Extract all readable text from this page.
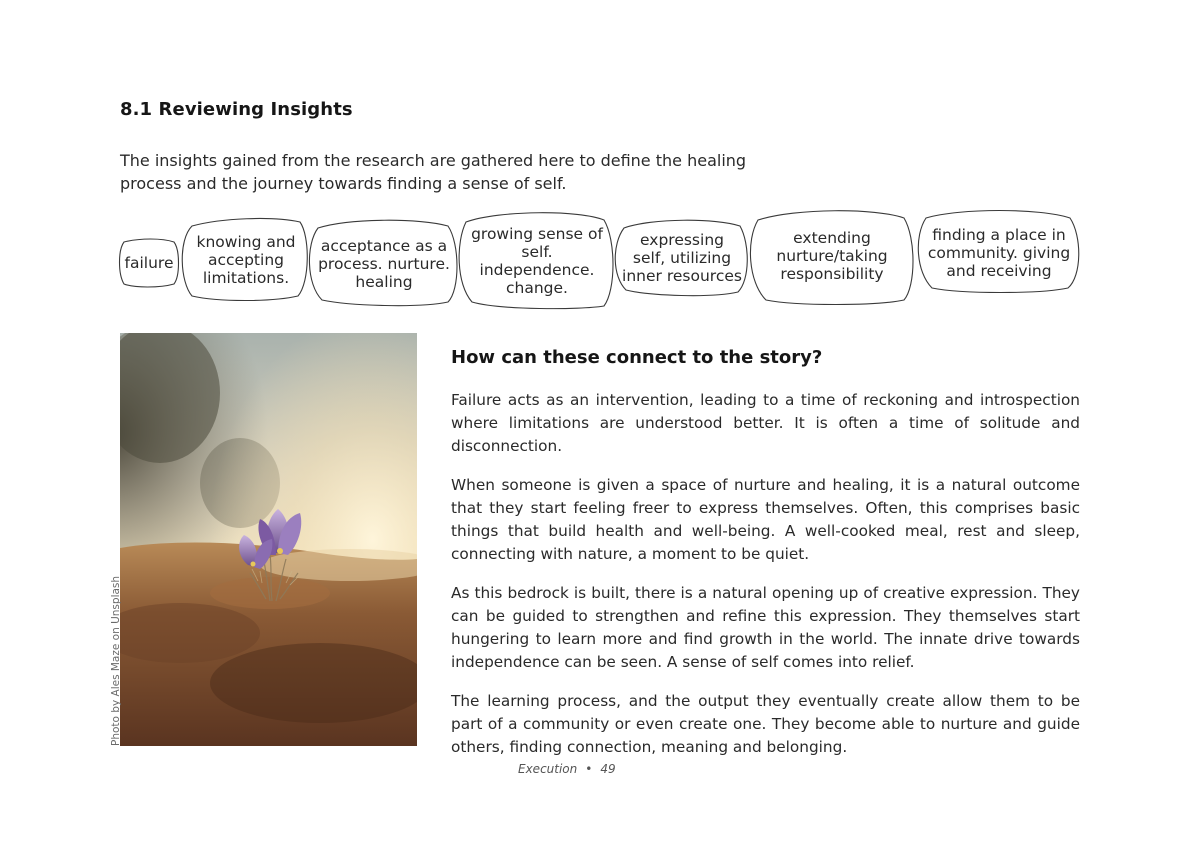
8.1 Reviewing Insights

The insights gained from the research are gathered here to define the healing process and the journey towards finding a sense of self.

failure
knowing and accepting limitations.
acceptance as a process. nurture. healing
growing sense of self. independence. change.
expressing self, utilizing inner resources
extending nurture/taking responsibility
finding a place in community. giving and receiving
Photo by Ales Maze on Unsplash
How can these connect to the story?

Failure acts as an intervention, leading to a time of reckoning and introspection where limitations are understood better. It is often a time of solitude and disconnection.

When someone is given a space of nurture and healing, it is a natural outcome that they start feeling freer to express themselves. Often, this comprises basic things that build health and well-being. A well-cooked meal, rest and sleep, connecting with nature, a moment to be quiet.

As this bedrock is built, there is a natural opening up of creative expression. They can be guided to strengthen and refine this expression. They themselves start hungering to learn more and find growth in the world. The innate drive towards independence can be seen. A sense of self comes into relief.

The learning process, and the output they eventually create allow them to be part of a community or even create one. They become able to nurture and guide others, finding connection, meaning and belonging.

Execution • 49
